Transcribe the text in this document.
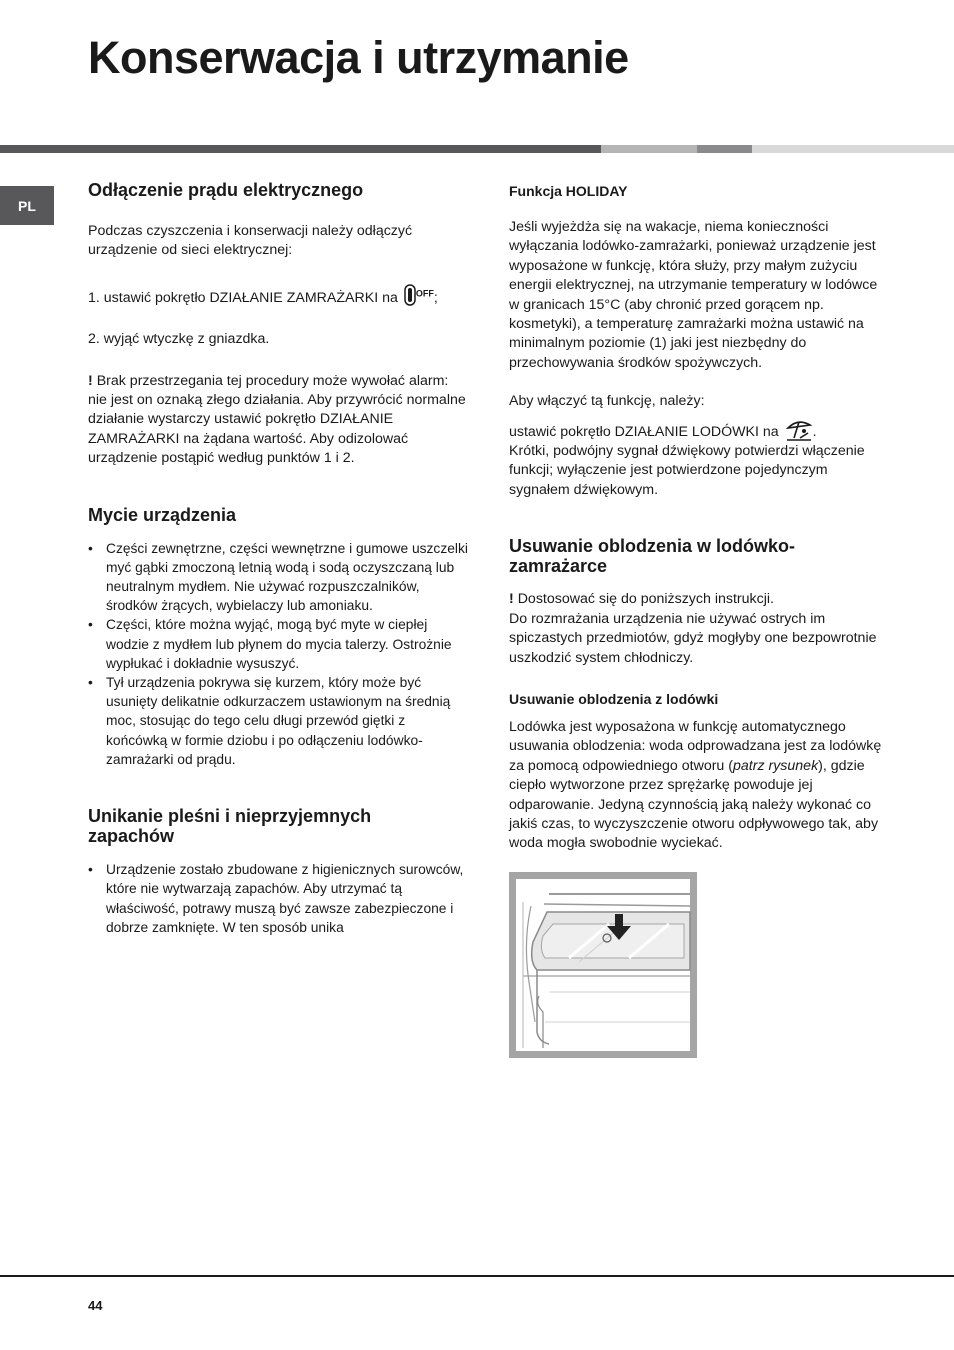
Konserwacja i utrzymanie
PL
Odłączenie prądu elektrycznego

Podczas czyszczenia i konserwacji należy odłączyć urządzenie od sieci elektrycznej:

1. ustawić pokrętło DZIAŁANIE ZAMRAŻARKI na $^{OFF}$;

2. wyjąć wtyczkę z gniazdka.

! Brak przestrzegania tej procedury może wywołać alarm: nie jest on oznaką złego działania. Aby przywrócić normalne działanie wystarczy ustawić pokrętło DZIAŁANIE ZAMRAŻARKI na żądana wartość. Aby odizolować urządzenie postąpić według punktów 1 i 2.

Mycie urządzenia
• Części zewnętrzne, części wewnętrzne i gumowe uszczelki myć gąbki zmoczoną letnią wodą i sodą oczyszczaną lub neutralnym mydłem. Nie używać rozpuszczalników, środków żrących, wybielaczy lub amoniaku.
• Części, które można wyjąć, mogą być myte w ciepłej wodzie z mydłem lub płynem do mycia talerzy. Ostrożnie wypłukać i dokładnie wysuszyć.
• Tył urządzenia pokrywa się kurzem, który może być usunięty delikatnie odkurzaczem ustawionym na średnią moc, stosując do tego celu długi przewód giętki z końcówką w formie dziobu i po odłączeniu lodówko-zamrażarki od prądu.
Unikanie pleśni i nieprzyjemnych zapachów
• Urządzenie zostało zbudowane z higienicznych surowców, które nie wytwarzają zapachów. Aby utrzymać tą właściwość, potrawy muszą być zawsze zabezpieczone i dobrze zamknięte. W ten sposób unika
Funkcja HOLIDAY

Jeśli wyjeżdża się na wakacje, niema konieczności wyłączania lodówko-zamrażarki, ponieważ urządzenie jest wyposażone w funkcję, która służy, przy małym zużyciu energii elektrycznej, na utrzymanie temperatury w lodówce w granicach 15°C (aby chronić przed gorącem np. kosmetyki), a temperaturę zamrażarki można ustawić na minimalnym poziomie (1) jaki jest niezbędny do przechowywania środków spożywczych.

Aby włączyć tą funkcję, należy:

ustawić pokrętło DZIAŁANIE LODÓWKI na .
Krótki, podwójny sygnał dźwiękowy potwierdzi włączenie funkcji; wyłączenie jest potwierdzone pojedynczym sygnałem dźwiękowym.

Usuwanie oblodzenia w lodówko-zamrażarce

! Dostosować się do poniższych instrukcji.
Do rozmrażania urządzenia nie używać ostrych im spiczastych przedmiotów, gdyż mogłyby one bezpowrotnie uszkodzić system chłodniczy.

Usuwanie oblodzenia z lodówki

Lodówka jest wyposażona w funkcję automatycznego usuwania oblodzenia: woda odprowadzana jest za lodówkę za pomocą odpowiedniego otworu (patrz rysunek), gdzie ciepło wytworzone przez sprężarkę powoduje jej odparowanie. Jedyną czynnością jaką należy wykonać co jakiś czas, to wyczyszczenie otworu odpływowego tak, aby woda mogła swobodnie wyciekać.

44
